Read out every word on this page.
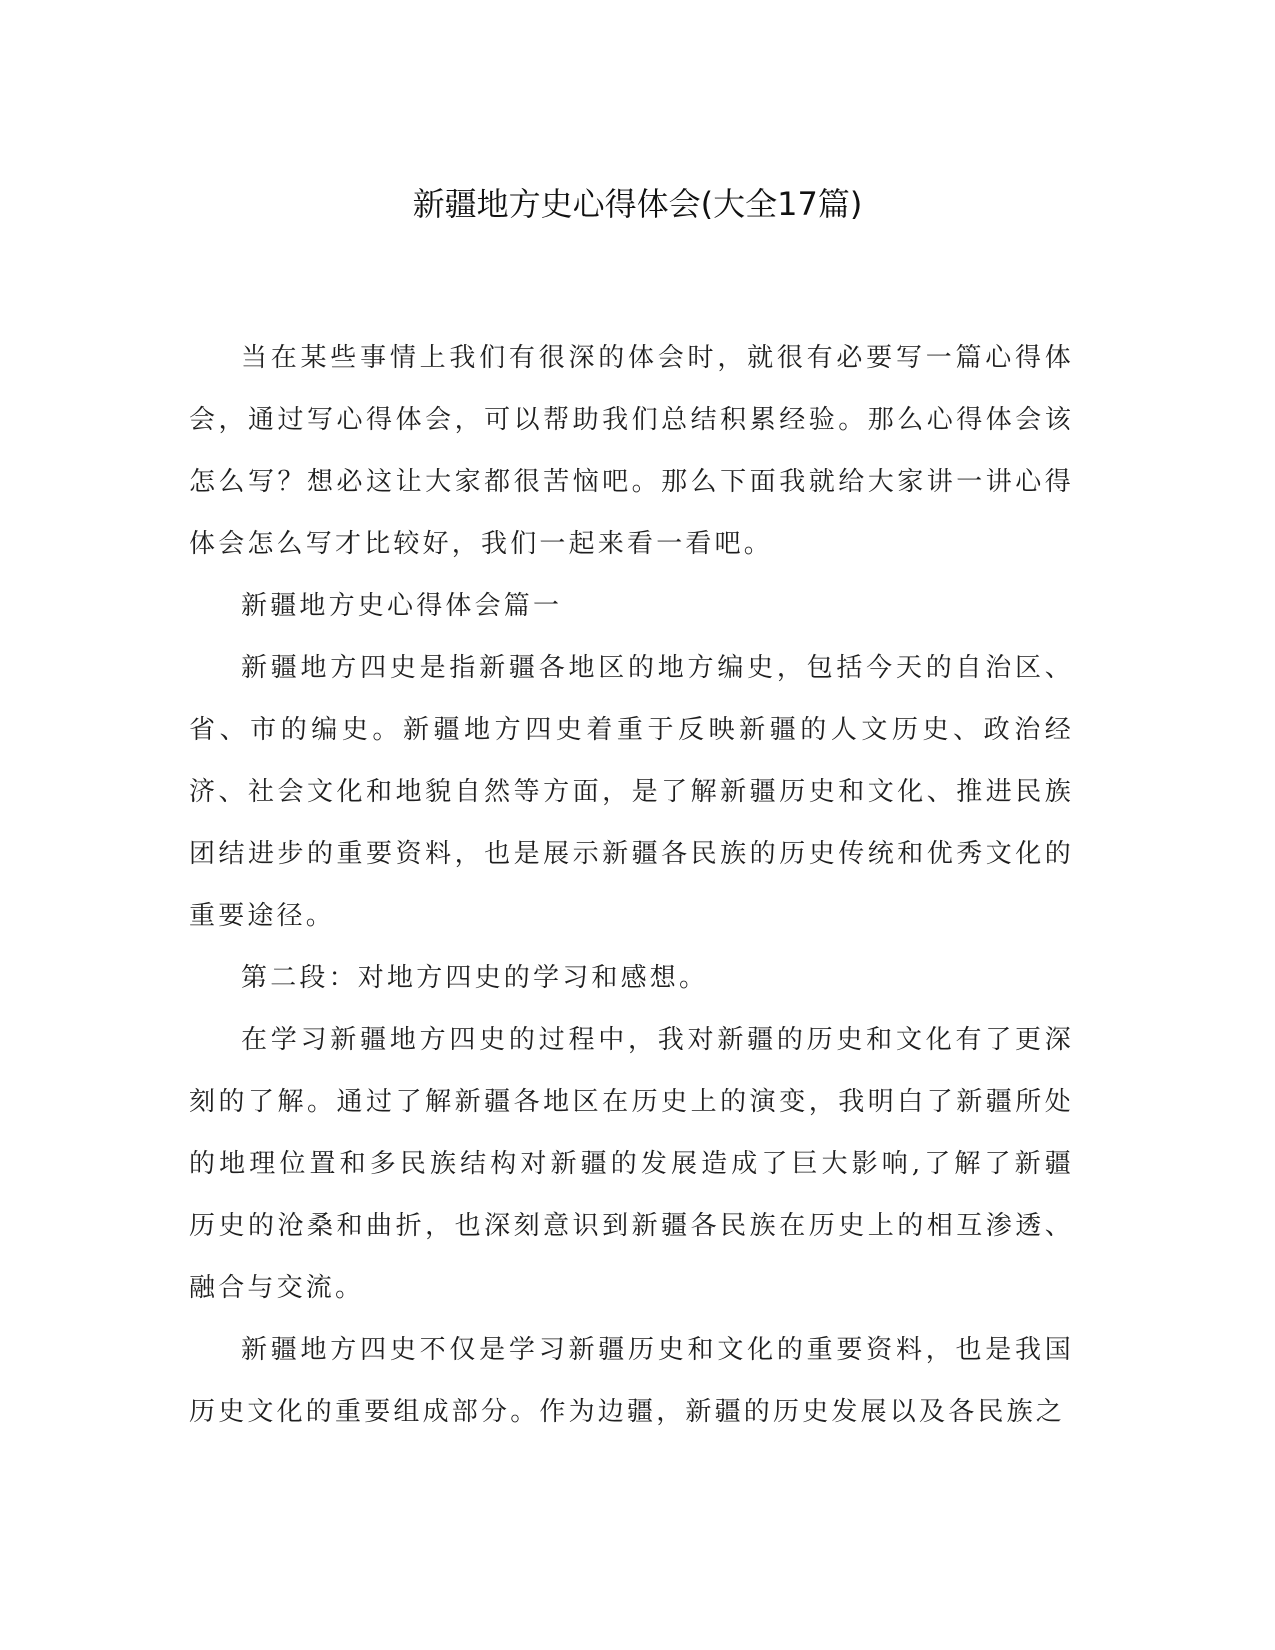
新疆地方史心得体会(大全17篇)

当在某些事情上我们有很深的体会时，就很有必要写一篇心得体会，通过写心得体会，可以帮助我们总结积累经验。那么心得体会该怎么写？想必这让大家都很苦恼吧。那么下面我就给大家讲一讲心得体会怎么写才比较好，我们一起来看一看吧。

新疆地方史心得体会篇一

新疆地方四史是指新疆各地区的地方编史，包括今天的自治区、省、市的编史。新疆地方四史着重于反映新疆的人文历史、政治经济、社会文化和地貌自然等方面，是了解新疆历史和文化、推进民族团结进步的重要资料，也是展示新疆各民族的历史传统和优秀文化的重要途径。

第二段：对地方四史的学习和感想。

在学习新疆地方四史的过程中，我对新疆的历史和文化有了更深刻的了解。通过了解新疆各地区在历史上的演变，我明白了新疆所处的地理位置和多民族结构对新疆的发展造成了巨大影响,了解了新疆历史的沧桑和曲折，也深刻意识到新疆各民族在历史上的相互渗透、融合与交流。

新疆地方四史不仅是学习新疆历史和文化的重要资料，也是我国历史文化的重要组成部分。作为边疆，新疆的历史发展以及各民族之
